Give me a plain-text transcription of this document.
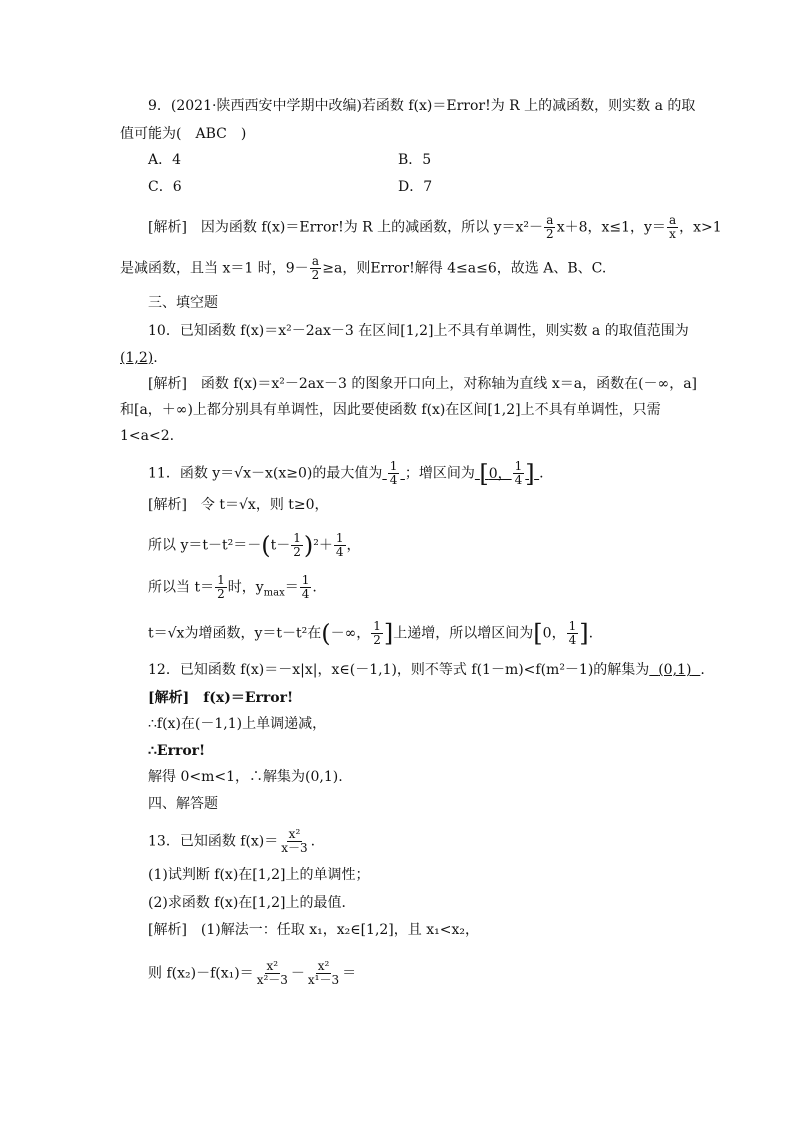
9．(2021·陕西西安中学期中改编)若函数 f(x)＝Error!为 R 上的减函数，则实数 a 的取
值可能为(　ABC　)
A．4	B．5
C．6	D．7
[解析]　因为函数 f(x)＝Error!为 R 上的减函数，所以 $y=x^2- \frac{a}{2} x+8$，x≤1，$y= \frac{a}{x}$ ，x>1
是减函数，且当 x＝1 时，$9- \frac{a}{2} \ge a$，则Error!解得 4≤a≤6，故选 A、B、C.
三、填空题
10．已知函数 f(x)＝x²－2ax－3 在区间[1,2]上不具有单调性，则实数 a 的取值范围为
(1,2).
[解析]　函数 f(x)＝x²－2ax－3 的图象开口向上，对称轴为直线 x＝a，函数在(－∞，a]
和[a，＋∞)上都分别具有单调性，因此要使函数 f(x)在区间[1,2]上不具有单调性，只需
1<a<2.
11．函数 y＝√x－x(x≥0)的最大值为 $\frac{1}{4}$ ；增区间为 [0， $\frac{1}{4}$ ] .
[解析]　令 t＝√x，则 t≥0，
所以 $y=t-t^2=-(t- \frac{1}{2} )^2+ \frac{1}{4}$ ，
所以当 $t= \frac{1}{2}$ 时，$y_{max}= \frac{1}{4}$ .
t＝√x为增函数，y＝t－t²在(－∞， $\frac{1}{2}$ ]上递增，所以增区间为[0， $\frac{1}{4}$ ].
12．已知函数 f(x)＝－x|x|，x∈(－1,1)，则不等式 f(1－m)<f(m²－1)的解集为 (0,1) .
[解析]　f(x)＝Error!
∴f(x)在(－1,1)上单调递减，
∴Error!
解得 0<m<1，∴解集为(0,1).
四、解答题
13．已知函数 $f(x)= \frac{\text{x²}}{x-3}$ .
(1)试判断 f(x)在[1,2]上的单调性；
(2)求函数 f(x)在[1,2]上的最值．
[解析]　(1)解法一：任取 x₁，x₂∈[1,2]，且 x₁<x₂，
则 $f(x_2)-f(x_1)= \frac{\text{x²}}{\text{x²－3}} - \frac{\text{x²}}{\text{x¹－3}}$ ＝
